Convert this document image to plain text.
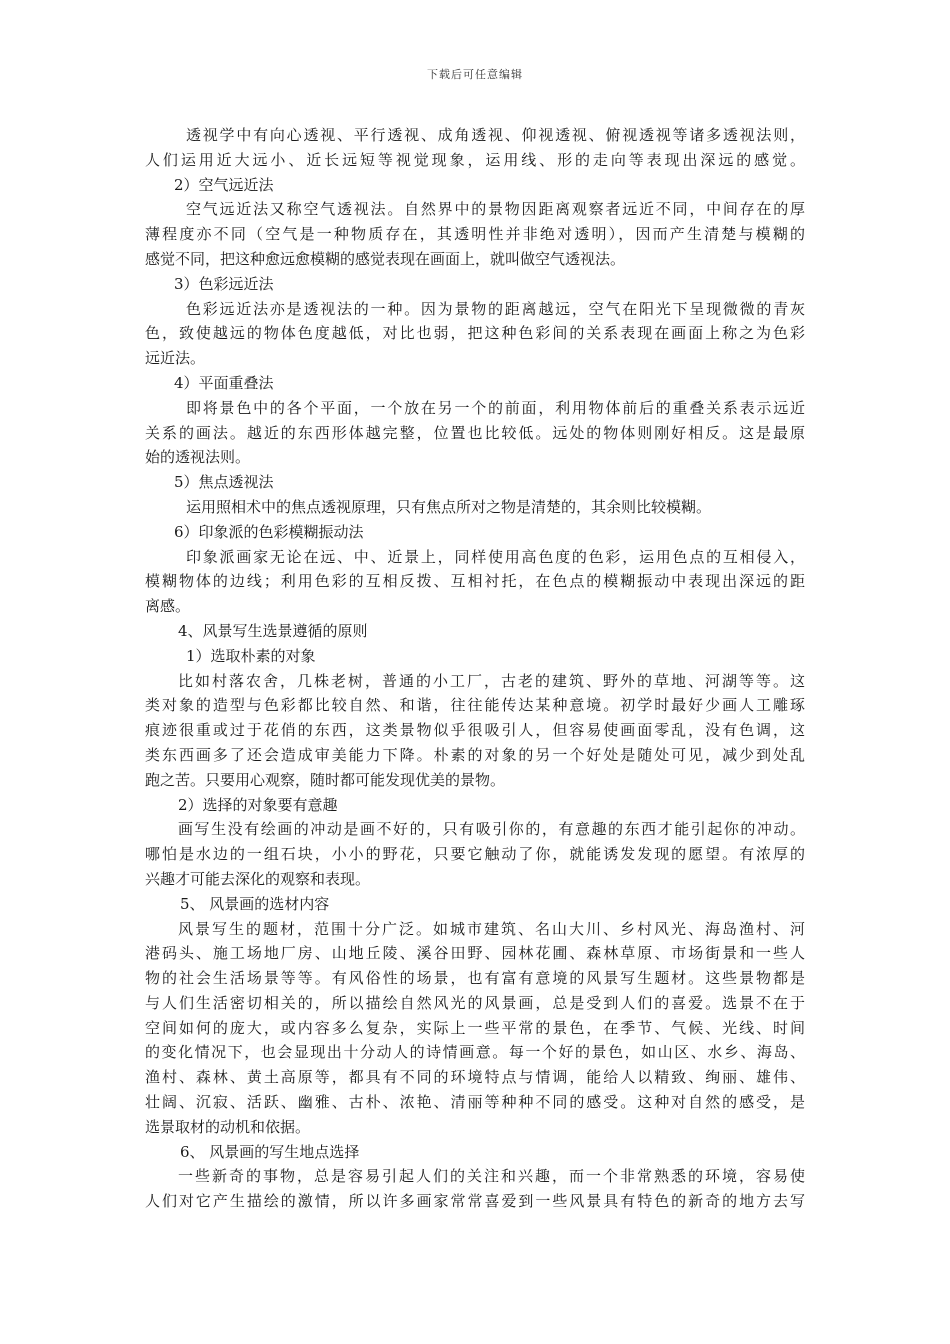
下载后可任意编辑

透视学中有向心透视、平行透视、成角透视、仰视透视、俯视透视等诸多透视法则，

人们运用近大远小、近长远短等视觉现象，运用线、形的走向等表现出深远的感觉。

2）空气远近法

空气远近法又称空气透视法。自然界中的景物因距离观察者远近不同，中间存在的厚

薄程度亦不同（空气是一种物质存在，其透明性并非绝对透明），因而产生清楚与模糊的

感觉不同，把这种愈远愈模糊的感觉表现在画面上，就叫做空气透视法。

3）色彩远近法

色彩远近法亦是透视法的一种。因为景物的距离越远，空气在阳光下呈现微微的青灰

色，致使越远的物体色度越低，对比也弱，把这种色彩间的关系表现在画面上称之为色彩

远近法。

4）平面重叠法

即将景色中的各个平面，一个放在另一个的前面，利用物体前后的重叠关系表示远近

关系的画法。越近的东西形体越完整，位置也比较低。远处的物体则刚好相反。这是最原

始的透视法则。

5）焦点透视法

运用照相术中的焦点透视原理，只有焦点所对之物是清楚的，其余则比较模糊。

6）印象派的色彩模糊振动法

印象派画家无论在远、中、近景上，同样使用高色度的色彩，运用色点的互相侵入，

模糊物体的边线；利用色彩的互相反拨、互相衬托，在色点的模糊振动中表现出深远的距

离感。

4、风景写生选景遵循的原则

1）选取朴素的对象

比如村落农舍，几株老树，普通的小工厂，古老的建筑、野外的草地、河湖等等。这

类对象的造型与色彩都比较自然、和谐，往往能传达某种意境。初学时最好少画人工雕琢

痕迹很重或过于花俏的东西，这类景物似乎很吸引人，但容易使画面零乱，没有色调，这

类东西画多了还会造成审美能力下降。朴素的对象的另一个好处是随处可见，减少到处乱

跑之苦。只要用心观察，随时都可能发现优美的景物。

2）选择的对象要有意趣

画写生没有绘画的冲动是画不好的，只有吸引你的，有意趣的东西才能引起你的冲动。

哪怕是水边的一组石块，小小的野花，只要它触动了你，就能诱发发现的愿望。有浓厚的

兴趣才可能去深化的观察和表现。

5、 风景画的选材内容

风景写生的题材，范围十分广泛。如城市建筑、名山大川、乡村风光、海岛渔村、河

港码头、施工场地厂房、山地丘陵、溪谷田野、园林花圃、森林草原、市场街景和一些人

物的社会生活场景等等。有风俗性的场景，也有富有意境的风景写生题材。这些景物都是

与人们生活密切相关的，所以描绘自然风光的风景画，总是受到人们的喜爱。选景不在于

空间如何的庞大，或内容多么复杂，实际上一些平常的景色，在季节、气候、光线、时间

的变化情况下，也会显现出十分动人的诗情画意。每一个好的景色，如山区、水乡、海岛、

渔村、森林、黄土高原等，都具有不同的环境特点与情调，能给人以精致、绚丽、雄伟、

壮阔、沉寂、活跃、幽雅、古朴、浓艳、清丽等种种不同的感受。这种对自然的感受，是

选景取材的动机和依据。

6、 风景画的写生地点选择

一些新奇的事物，总是容易引起人们的关注和兴趣，而一个非常熟悉的环境，容易使

人们对它产生描绘的激情，所以许多画家常常喜爱到一些风景具有特色的新奇的地方去写
